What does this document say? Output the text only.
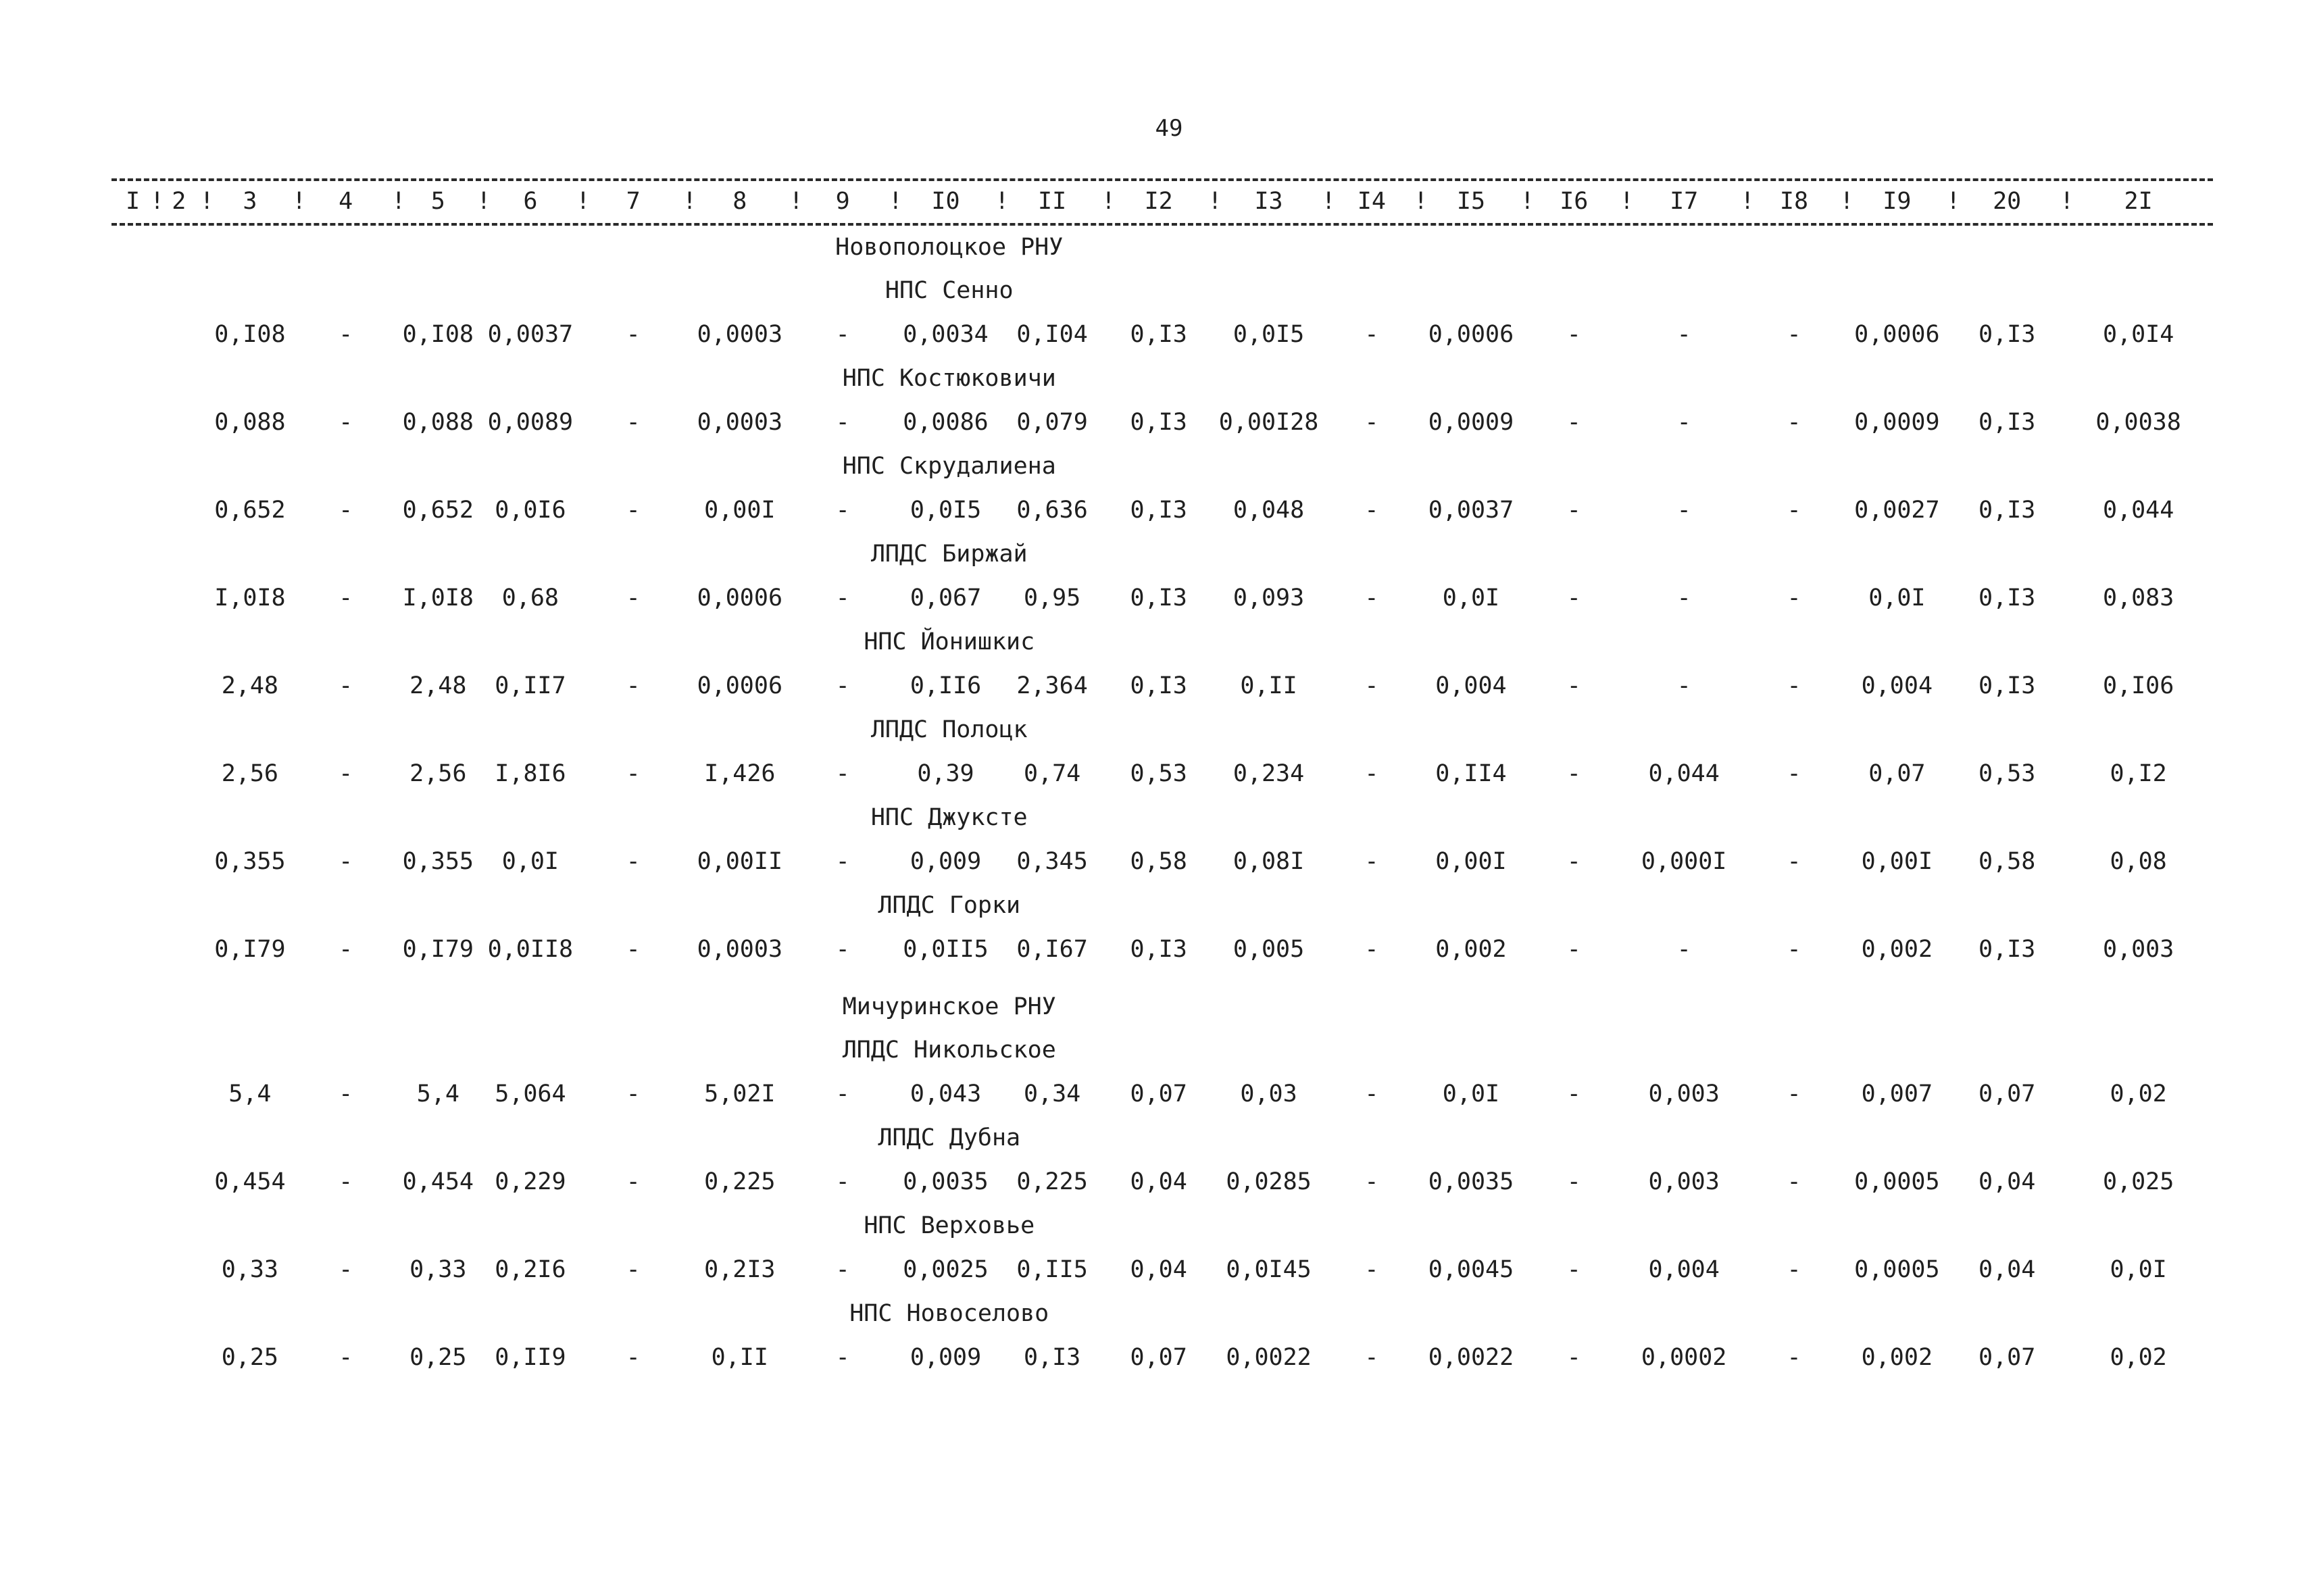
49
I	! 2	! 3	! 4	! 5	! 6	! 7	! 8	! 9	! I0	! II	! I2	! I3	! I4	! I5	! I6	! I7	! I8	! I9	! 20	! 2I
							Новополоцкое РНУ													
							НПС Сенно													
		0,I08	-	0,I08	0,0037	-	0,0003	-	0,0034	0,I04	0,I3	0,0I5	-	0,0006	-	-	-	0,0006	0,I3	0,0I4
							НПС Костюковичи													
		0,088	-	0,088	0,0089	-	0,0003	-	0,0086	0,079	0,I3	0,00I28	-	0,0009	-	-	-	0,0009	0,I3	0,0038
							НПС Скрудалиена													
		0,652	-	0,652	0,0I6	-	0,00I	-	0,0I5	0,636	0,I3	0,048	-	0,0037	-	-	-	0,0027	0,I3	0,044
							ЛПДС Биржай													
		I,0I8	-	I,0I8	0,68	-	0,0006	-	0,067	0,95	0,I3	0,093	-	0,0I	-	-	-	0,0I	0,I3	0,083
							НПС Йонишкис													
		2,48	-	2,48	0,II7	-	0,0006	-	0,II6	2,364	0,I3	0,II	-	0,004	-	-	-	0,004	0,I3	0,I06
							ЛПДС Полоцк													
		2,56	-	2,56	I,8I6	-	I,426	-	0,39	0,74	0,53	0,234	-	0,II4	-	0,044	-	0,07	0,53	0,I2
							НПС Джуксте													
		0,355	-	0,355	0,0I	-	0,00II	-	0,009	0,345	0,58	0,08I	-	0,00I	-	0,000I	-	0,00I	0,58	0,08
							ЛПДС Горки													
		0,I79	-	0,I79	0,0II8	-	0,0003	-	0,0II5	0,I67	0,I3	0,005	-	0,002	-	-	-	0,002	0,I3	0,003

							Мичуринское РНУ													
							ЛПДС Никольское													
		5,4	-	5,4	5,064	-	5,02I	-	0,043	0,34	0,07	0,03	-	0,0I	-	0,003	-	0,007	0,07	0,02
							ЛПДС Дубна													
		0,454	-	0,454	0,229	-	0,225	-	0,0035	0,225	0,04	0,0285	-	0,0035	-	0,003	-	0,0005	0,04	0,025
							НПС Верховье													
		0,33	-	0,33	0,2I6	-	0,2I3	-	0,0025	0,II5	0,04	0,0I45	-	0,0045	-	0,004	-	0,0005	0,04	0,0I
							НПС Новоселово													
		0,25	-	0,25	0,II9	-	0,II	-	0,009	0,I3	0,07	0,0022	-	0,0022	-	0,0002	-	0,002	0,07	0,02
